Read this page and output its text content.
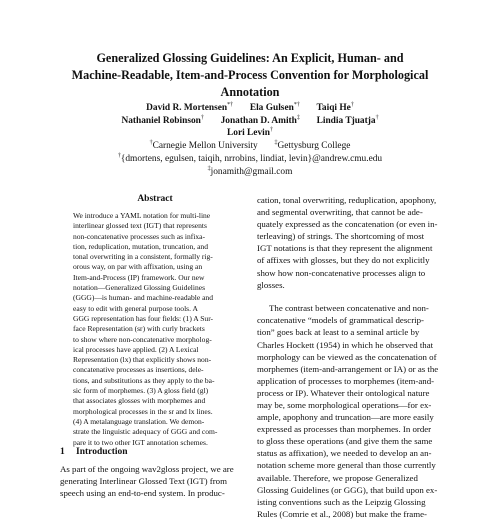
Generalized Glossing Guidelines: An Explicit, Human- and
Machine-Readable, Item-and-Process Convention for Morphological
Annotation
David R. Mortensen*† Ela Gulsen*† Taiqi He†
Nathaniel Robinson† Jonathan D. Amith‡ Lindia Tjuatja†
Lori Levin†
†Carnegie Mellon University	‡Gettysburg College
†{dmortens, egulsen, taiqih, nrrobins, lindiat, levin}@andrew.cmu.edu
‡jonamith@gmail.com
Abstract
We introduce a YAML notation for multi-line
interlinear glossed text (IGT) that represents
non-concatenative processes such as infixa-
tion, reduplication, mutation, truncation, and
tonal overwriting in a consistent, formally rig-
orous way, on par with affixation, using an
Item-and-Process (IP) framework. Our new
notation—Generalized Glossing Guidelines
(GGG)—is human- and machine-readable and
easy to edit with general purpose tools. A
GGG representation has four fields: (1) A Sur-
face Representation (sr) with curly brackets
to show where non-concatenative morpholog-
ical processes have applied. (2) A Lexical
Representation (lx) that explicitly shows non-
concatenative processes as insertions, dele-
tions, and substitutions as they apply to the ba-
sic form of morphemes. (3) A gloss field (gl)
that associates glosses with morphemes and
morphological processes in the sr and lx lines.
(4) A metalanguage translation. We demon-
strate the linguistic adequacy of GGG and com-
pare it to two other IGT annotation schemes.
1 Introduction
As part of the ongoing wav2gloss project, we are
generating Interlinear Glossed Text (IGT) from
speech using an end-to-end system. In produc-
cation, tonal overwriting, reduplication, apophony,
and segmental overwriting, that cannot be ade-
quately expressed as the concatenation (or even in-
terleaving) of strings. The shortcoming of most
IGT notations is that they represent the alignment
of affixes with glosses, but they do not explicitly
show how non-concatenative processes align to
glosses.
The contrast between concatenative and non-
concatenative “models of grammatical descrip-
tion” goes back at least to a seminal article by
Charles Hockett (1954) in which he observed that
morphology can be viewed as the concatenation of
morphemes (item-and-arrangement or IA) or as the
application of processes to morphemes (item-and-
process or IP). Whatever their ontological nature
may be, some morphological operations—for ex-
ample, apophony and truncation—are more easily
expressed as processes than morphemes. In order
to gloss these operations (and give them the same
status as affixation), we needed to develop an an-
notation scheme more general than those currently
available. Therefore, we propose Generalized
Glossing Guidelines (or GGG), that build upon ex-
isting conventions such as the Leipzig Glossing
Rules (Comrie et al., 2008) but make the frame-
